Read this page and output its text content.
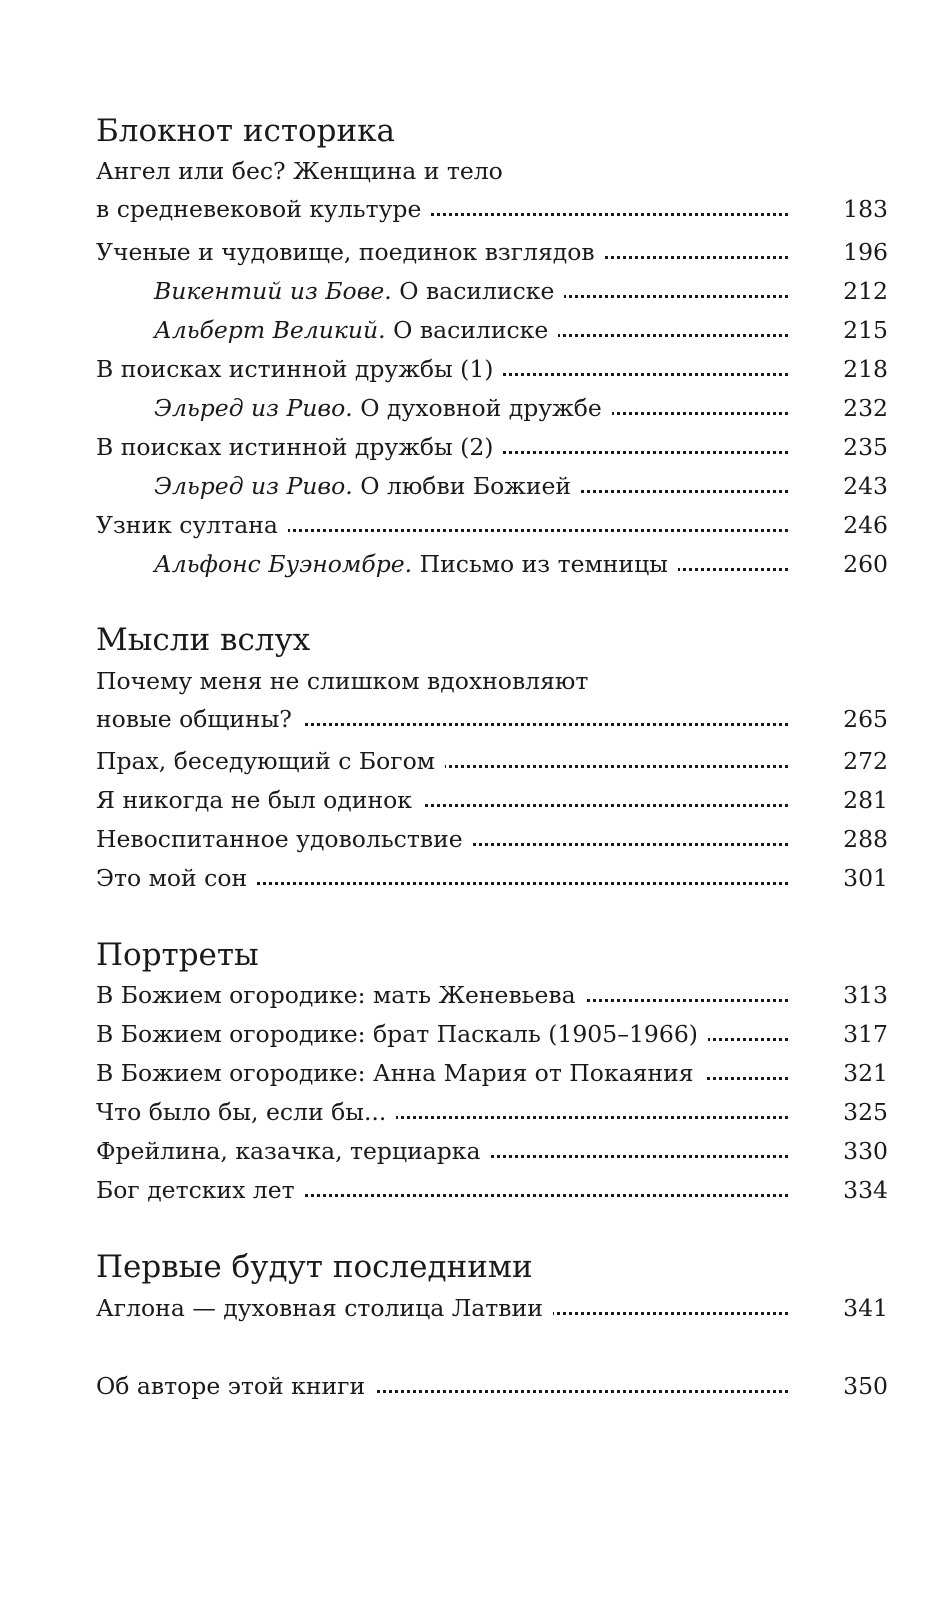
Блокнот историка
Ангел или бес? Женщина и тело
в средневековой культуре	183
Ученые и чудовище, поединок взглядов	196
Викентий из Бове. О василиске	212
Альберт Великий. О василиске	215
В поисках истинной дружбы (1)	218
Эльред из Риво. О духовной дружбе	232
В поисках истинной дружбы (2)	235
Эльред из Риво. О любви Божией	243
Узник султана	246
Альфонс Буэномбре. Письмо из темницы	260
Мысли вслух
Почему меня не слишком вдохновляют
новые общины?	265
Прах, беседующий с Богом	272
Я никогда не был одинок	281
Невоспитанное удовольствие	288
Это мой сон	301
Портреты
В Божием огородике: мать Женевьева	313
В Божием огородике: брат Паскаль (1905–1966)	317
В Божием огородике: Анна Мария от Покаяния	321
Что было бы, если бы...	325
Фрейлина, казачка, терциарка	330
Бог детских лет	334
Первые будут последними
Аглона — духовная столица Латвии	341
Об авторе этой книги	350
